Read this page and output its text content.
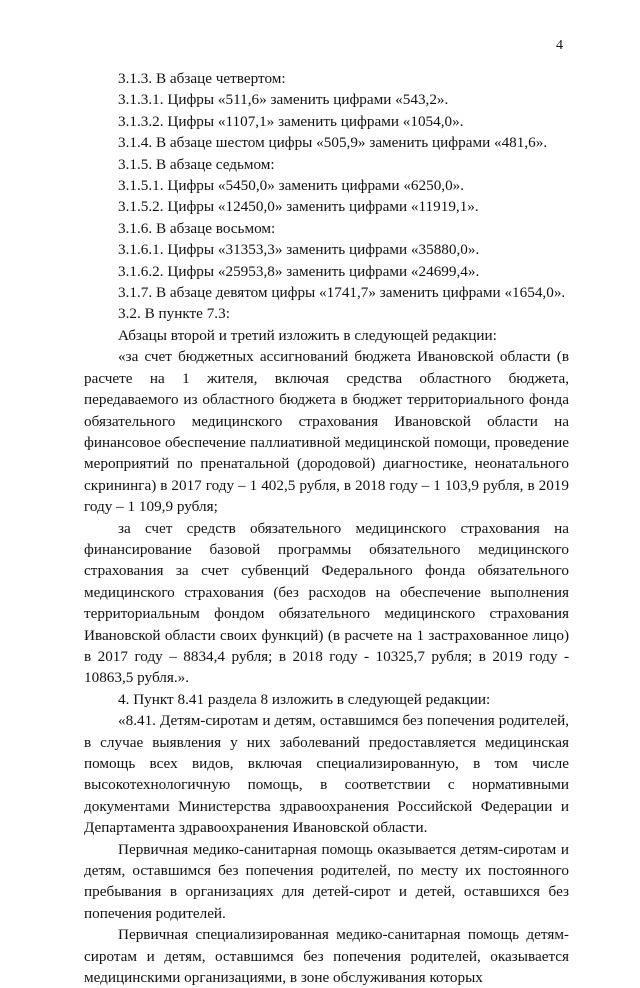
4

3.1.3. В абзаце четвертом:

3.1.3.1. Цифры «511,6» заменить цифрами «543,2».

3.1.3.2. Цифры «1107,1» заменить цифрами «1054,0».

3.1.4. В абзаце шестом цифры «505,9» заменить цифрами «481,6».

3.1.5. В абзаце седьмом:

3.1.5.1. Цифры «5450,0» заменить цифрами «6250,0».

3.1.5.2. Цифры «12450,0» заменить цифрами «11919,1».

3.1.6. В абзаце восьмом:

3.1.6.1. Цифры «31353,3» заменить цифрами «35880,0».

3.1.6.2. Цифры «25953,8» заменить цифрами «24699,4».

3.1.7. В абзаце девятом цифры «1741,7» заменить цифрами «1654,0».

3.2. В пункте 7.3:

Абзацы второй и третий изложить в следующей редакции:

«за счет бюджетных ассигнований бюджета Ивановской области (в расчете на 1 жителя, включая средства областного бюджета, передаваемого из областного бюджета в бюджет территориального фонда обязательного медицинского страхования Ивановской области на финансовое обеспечение паллиативной медицинской помощи, проведение мероприятий по пренатальной (дородовой) диагностике, неонатального скрининга) в 2017 году – 1 402,5 рубля, в 2018 году – 1 103,9 рубля, в 2019 году – 1 109,9 рубля;

за счет средств обязательного медицинского страхования на финансирование базовой программы обязательного медицинского страхования за счет субвенций Федерального фонда обязательного медицинского страхования (без расходов на обеспечение выполнения территориальным фондом обязательного медицинского страхования Ивановской области своих функций) (в расчете на 1 застрахованное лицо) в 2017 году – 8834,4 рубля; в 2018 году - 10325,7 рубля; в 2019 году - 10863,5 рубля.».

4. Пункт 8.41 раздела 8 изложить в следующей редакции:

«8.41. Детям-сиротам и детям, оставшимся без попечения родителей, в случае выявления у них заболеваний предоставляется медицинская помощь всех видов, включая специализированную, в том числе высокотехнологичную помощь, в соответствии с нормативными документами Министерства здравоохранения Российской Федерации и Департамента здравоохранения Ивановской области.

Первичная медико-санитарная помощь оказывается детям-сиротам и детям, оставшимся без попечения родителей, по месту их постоянного пребывания в организациях для детей-сирот и детей, оставшихся без попечения родителей.

Первичная специализированная медико-санитарная помощь детям-сиротам и детям, оставшимся без попечения родителей, оказывается медицинскими организациями, в зоне обслуживания которых
